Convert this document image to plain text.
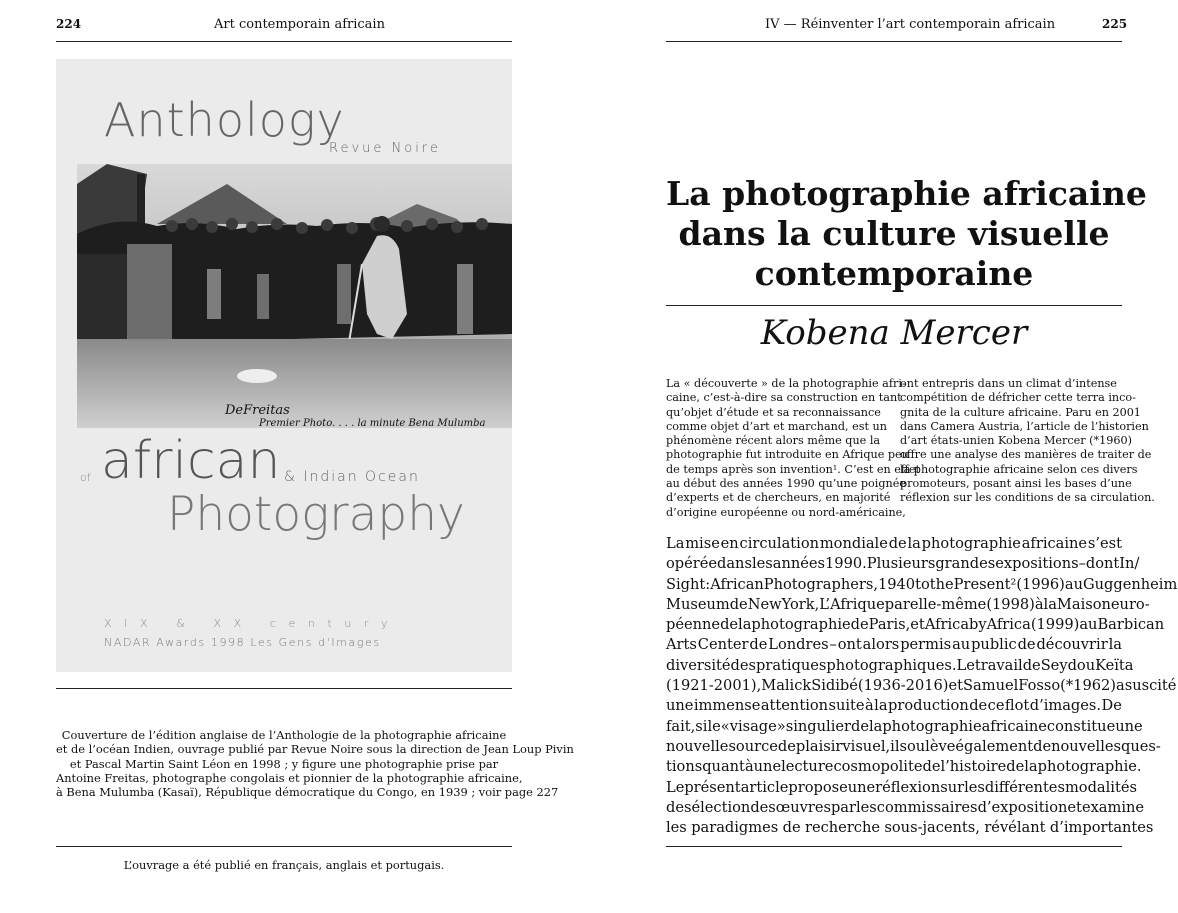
224	Art contemporain africain
Anthology
Revue Noire
DeFreitas
Premier Photo. . . . la minute Bena Mulumba
of african & Indian Ocean
Photography
XIX & XX century
NADAR Awards 1998 Les Gens d'Images
Couverture de l’édition anglaise de l’Anthologie de la photographie africaine
et de l’océan Indien, ouvrage publié par Revue Noire sous la direction de Jean Loup Pivin
et Pascal Martin Saint Léon en 1998 ; y figure une photographie prise par
Antoine Freitas, photographe congolais et pionnier de la photographie africaine,
à Bena Mulumba (Kasaï), République démocratique du Congo, en 1939 ; voir page 227
L’ouvrage a été publié en français, anglais et portugais.
IV — Réinventer l’art contemporain africain	225
La photographie africaine
dans la culture visuelle
contemporaine
Kobena Mercer
La « découverte » de la photographie afri-
caine, c’est-à-dire sa construction en tant
qu’objet d’étude et sa reconnaissance
comme objet d’art et marchand, est un
phénomène récent alors même que la
photographie fut introduite en Afrique peu
de temps après son invention¹. C’est en effet
au début des années 1990 qu’une poignée
d’experts et de chercheurs, en majorité
d’origine européenne ou nord-américaine,
ont entrepris dans un climat d’intense
compétition de défricher cette terra inco-
gnita de la culture africaine. Paru en 2001
dans Camera Austria, l’article de l’historien
d’art états-unien Kobena Mercer (*1960)
offre une analyse des manières de traiter de
la photographie africaine selon ces divers
promoteurs, posant ainsi les bases d’une
réflexion sur les conditions de sa circulation.
La mise en circulation mondiale de la photographie africaine s’est
opérée dans les années 1990. Plusieurs grandes expositions – dont In/
Sight: African Photographers, 1940 to the Present² (1996) au Guggenheim
Museum de New York, L’Afrique par elle-même (1998) à la Maison euro-
péenne de la photographie de Paris, et Africa by Africa (1999) au Barbican
Arts Center de Londres – ont alors permis au public de découvrir la
diversité des pratiques photographiques. Le travail de Seydou Keïta
(1921-2001), Malick Sidibé (1936-2016) et Samuel Fosso (*1962) a suscité
une immense attention suite à la production de ce flot d’images. De
fait, si le « visage » singulier de la photographie africaine constitue une
nouvelle source de plaisir visuel, il soulève également de nouvelles ques-
tions quant à une lecture cosmopolite de l’histoire de la photographie.
Le présent article propose une réflexion sur les différentes modalités
de sélection des œuvres par les commissaires d’exposition et examine
les paradigmes de recherche sous-jacents, révélant d’importantes
